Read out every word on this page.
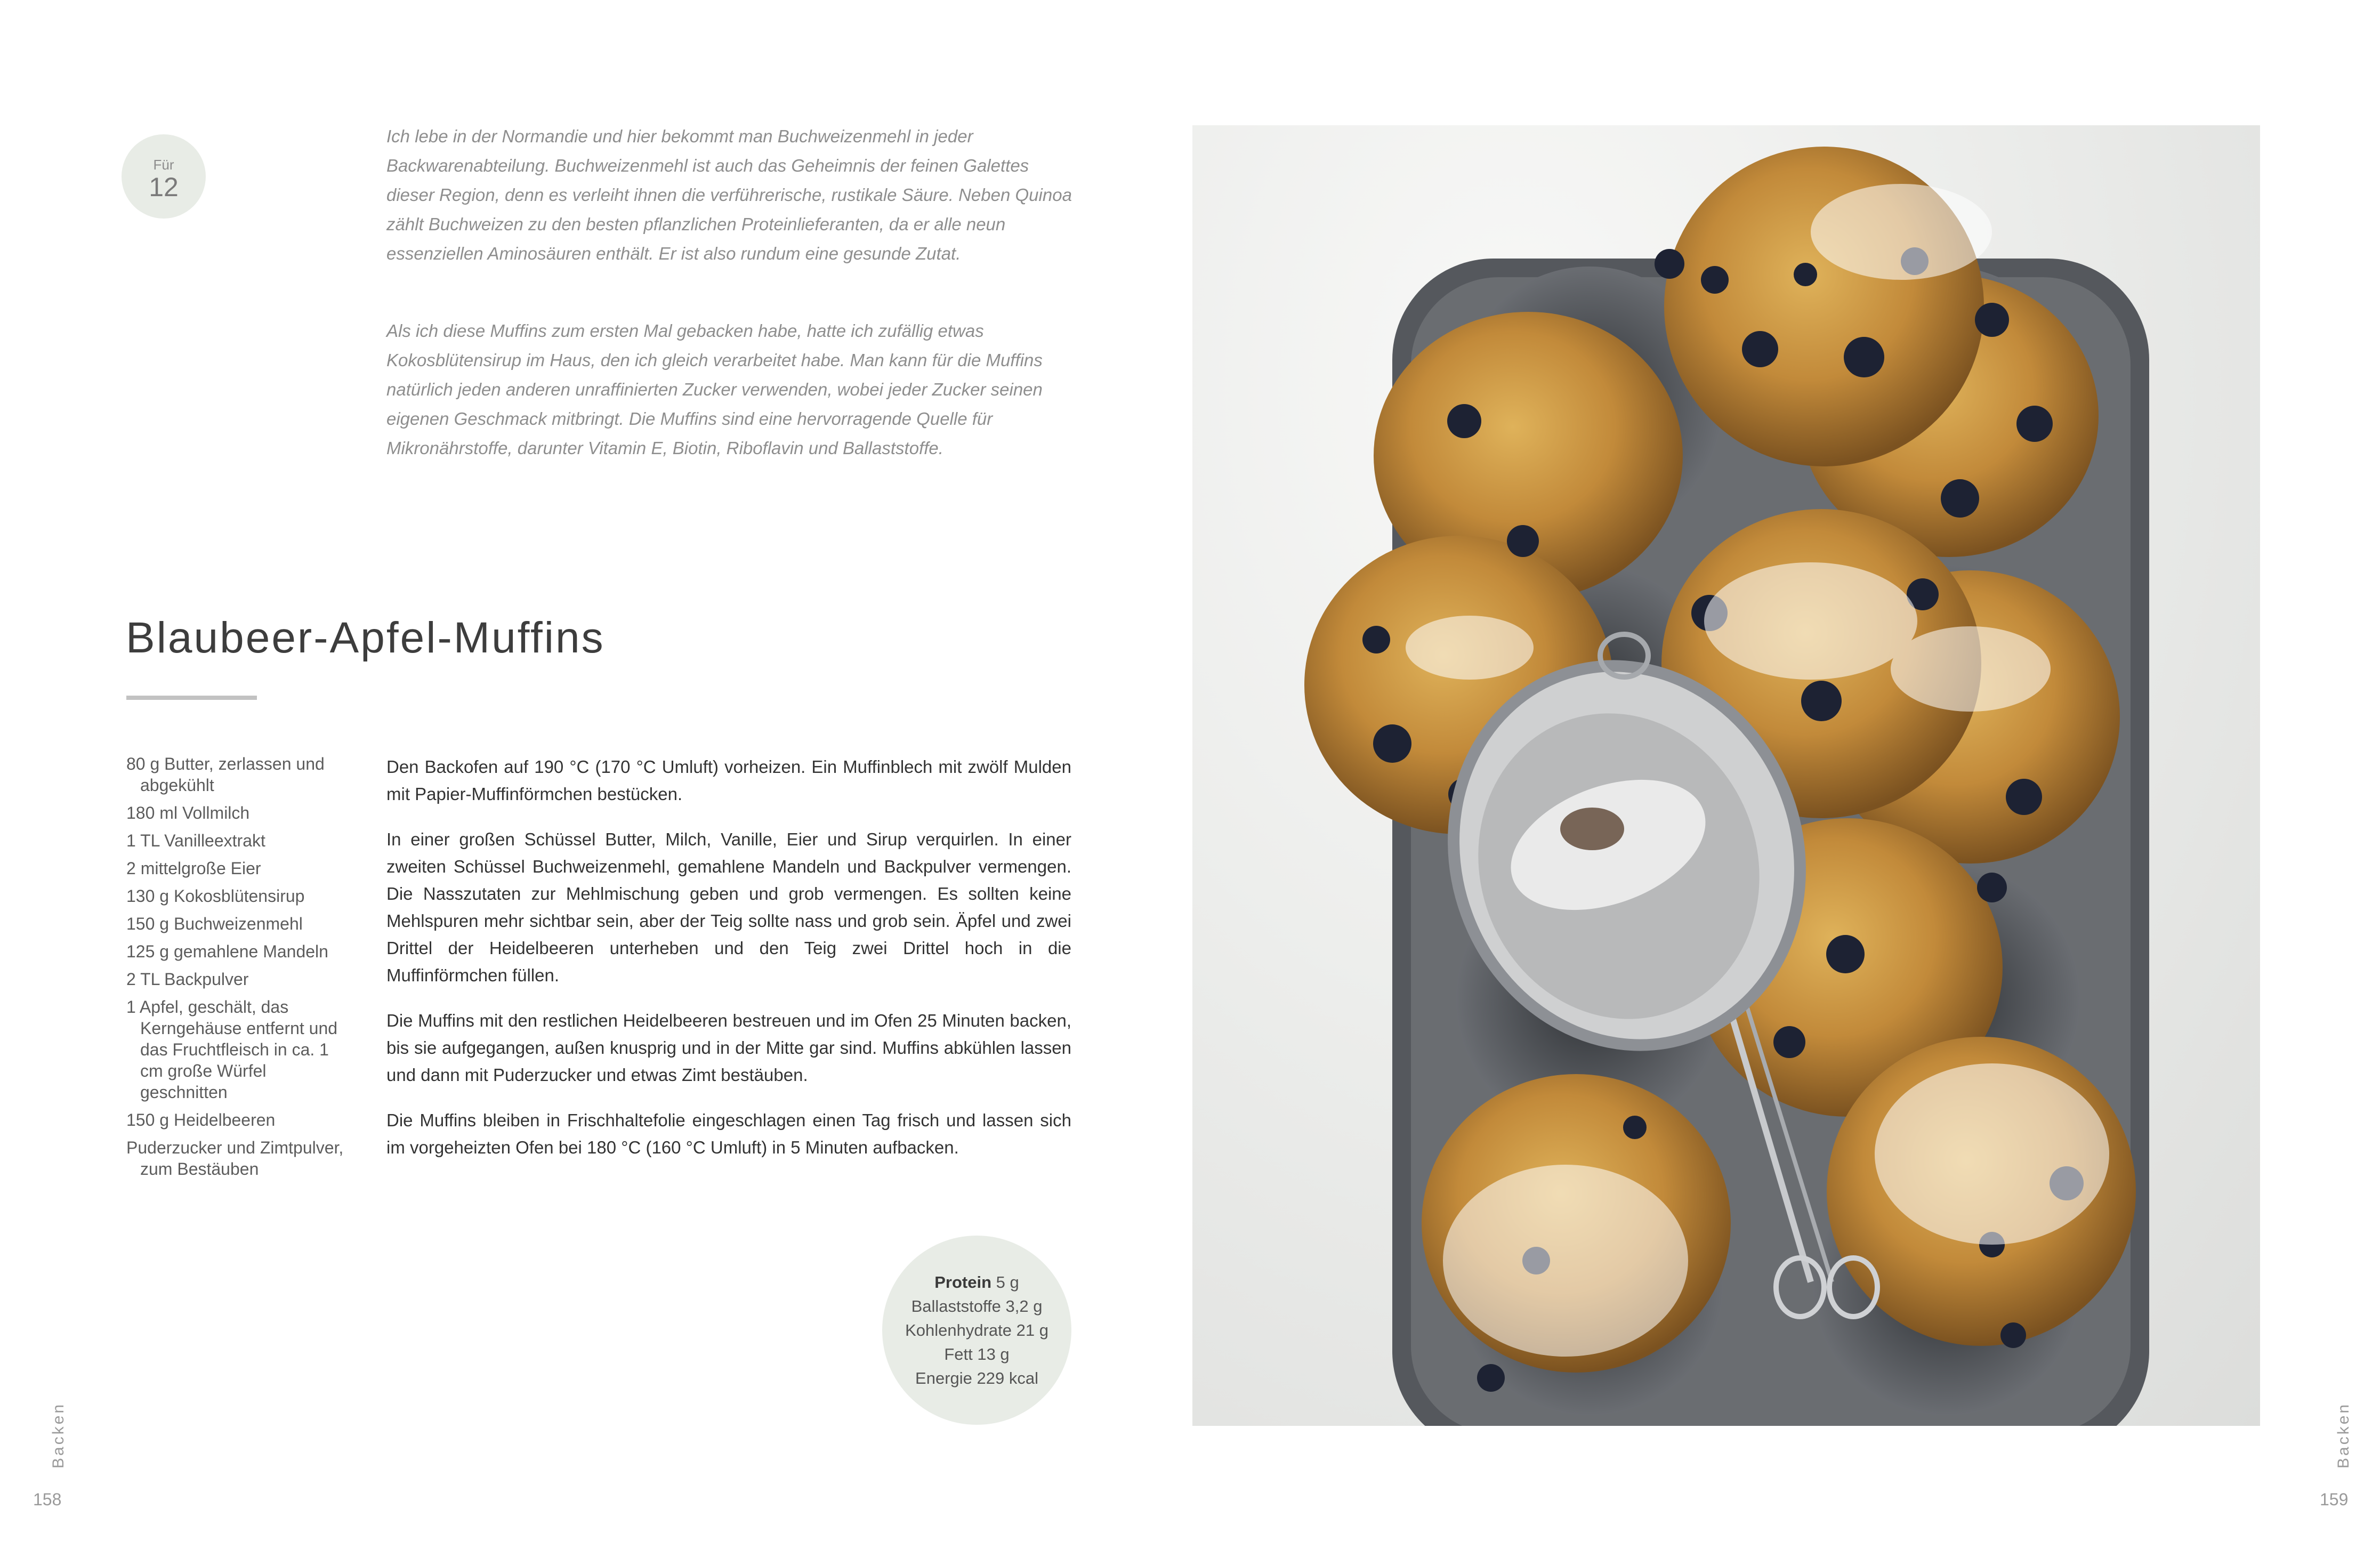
Für
12

Ich lebe in der Normandie und hier bekommt man Buchweizenmehl in jeder Backwarenabteilung. Buchweizenmehl ist auch das Geheimnis der feinen Galettes dieser Region, denn es verleiht ihnen die verführerische, rustikale Säure. Neben Quinoa zählt Buchweizen zu den besten pflanzlichen Proteinlieferanten, da er alle neun essenziellen Aminosäuren enthält. Er ist also rundum eine gesunde Zutat.

Als ich diese Muffins zum ersten Mal gebacken habe, hatte ich zufällig etwas Kokosblütensirup im Haus, den ich gleich verarbeitet habe. Man kann für die Muffins natürlich jeden anderen unraffinierten Zucker verwenden, wobei jeder Zucker seinen eigenen Geschmack mitbringt. Die Muffins sind eine hervorragende Quelle für Mikronährstoffe, darunter Vitamin E, Biotin, Riboflavin und Ballaststoffe.

Blaubeer-Apfel-Muffins
80 g Butter, zerlassen und abgekühlt
180 ml Vollmilch
1 TL Vanilleextrakt
2 mittelgroße Eier
130 g Kokosblütensirup
150 g Buchweizenmehl
125 g gemahlene Mandeln
2 TL Backpulver
1 Apfel, geschält, das Kerngehäuse entfernt und das Fruchtfleisch in ca. 1 cm große Würfel geschnitten
150 g Heidelbeeren
Puderzucker und Zimtpulver, zum Bestäuben

Den Backofen auf 190 °C (170 °C Umluft) vorheizen. Ein Muffinblech mit zwölf Mulden mit Papier-Muffinförmchen bestücken.

In einer großen Schüssel Butter, Milch, Vanille, Eier und Sirup verquirlen. In einer zweiten Schüssel Buchweizenmehl, gemahlene Mandeln und Backpulver vermengen. Die Nasszutaten zur Mehlmischung geben und grob vermengen. Es sollten keine Mehlspuren mehr sichtbar sein, aber der Teig sollte nass und grob sein. Äpfel und zwei Drittel der Heidelbeeren unterheben und den Teig zwei Drittel hoch in die Muffinförmchen füllen.

Die Muffins mit den restlichen Heidelbeeren bestreuen und im Ofen 25 Minuten backen, bis sie aufgegangen, außen knusprig und in der Mitte gar sind. Muffins abkühlen lassen und dann mit Puderzucker und etwas Zimt bestäuben.

Die Muffins bleiben in Frischhaltefolie eingeschlagen einen Tag frisch und lassen sich im vorgeheizten Ofen bei 180 °C (160 °C Umluft) in 5 Minuten aufbacken.

Protein 5 g
Ballaststoffe 3,2 g
Kohlenhydrate 21 g
Fett 13 g
Energie 229 kcal
Backen
158
Backen
159
